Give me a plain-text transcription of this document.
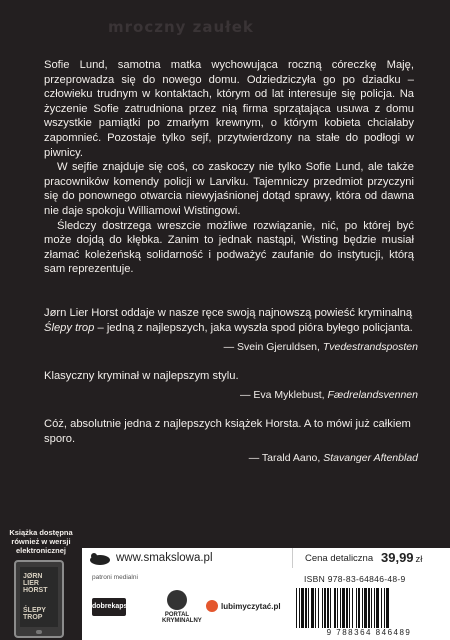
mroczny zaułek

Sofie Lund, samotna matka wychowująca roczną córeczkę Maję, przeprowadza się do nowego domu. Odziedziczyła go po dziadku – człowieku trudnym w kontaktach, którym od lat interesuje się policja. Na życzenie Sofie zatrudniona przez nią firma sprzątająca usuwa z domu wszystkie pamiątki po zmarłym krewnym, o którym kobieta chciałaby zapomnieć. Pozostaje tylko sejf, przytwierdzony na stałe do podłogi w piwnicy.

W sejfie znajduje się coś, co zaskoczy nie tylko Sofie Lund, ale także pracowników komendy policji w Larviku. Tajemniczy przedmiot przyczyni się do ponownego otwarcia niewyjaśnionej dotąd sprawy, która od dawna nie daje spokoju Williamowi Wistingowi.

Śledczy dostrzega wreszcie możliwe rozwiązanie, nić, po której być może dojdą do kłębka. Zanim to jednak nastąpi, Wisting będzie musiał złamać koleżeńską solidarność i podważyć zaufanie do instytucji, którą sam reprezentuje.

Jørn Lier Horst oddaje w nasze ręce swoją najnowszą powieść kryminalną Ślepy trop – jedną z najlepszych, jaka wyszła spod pióra byłego policjanta.

— Svein Gjeruldsen, Tvedestrandsposten

Klasyczny kryminał w najlepszym stylu.

— Eva Myklebust, Fædrelandsvennen

Cóż, absolutnie jedna z najlepszych książek Horsta. A to mówi już całkiem sporo.

— Tarald Aano, Stavanger Aftenblad

Książka dostępna również w wersji elektronicznej
JØRN LIER
HORST
ŚLEPY TROP
www.smakslowa.pl	Cena detaliczna 39,99 zł
patroni medialni
dobrekapsel
PORTAL KRYMINALNY
lubimyczytać.pl
ISBN 978-83-64846-48-9
9 788364 846489
